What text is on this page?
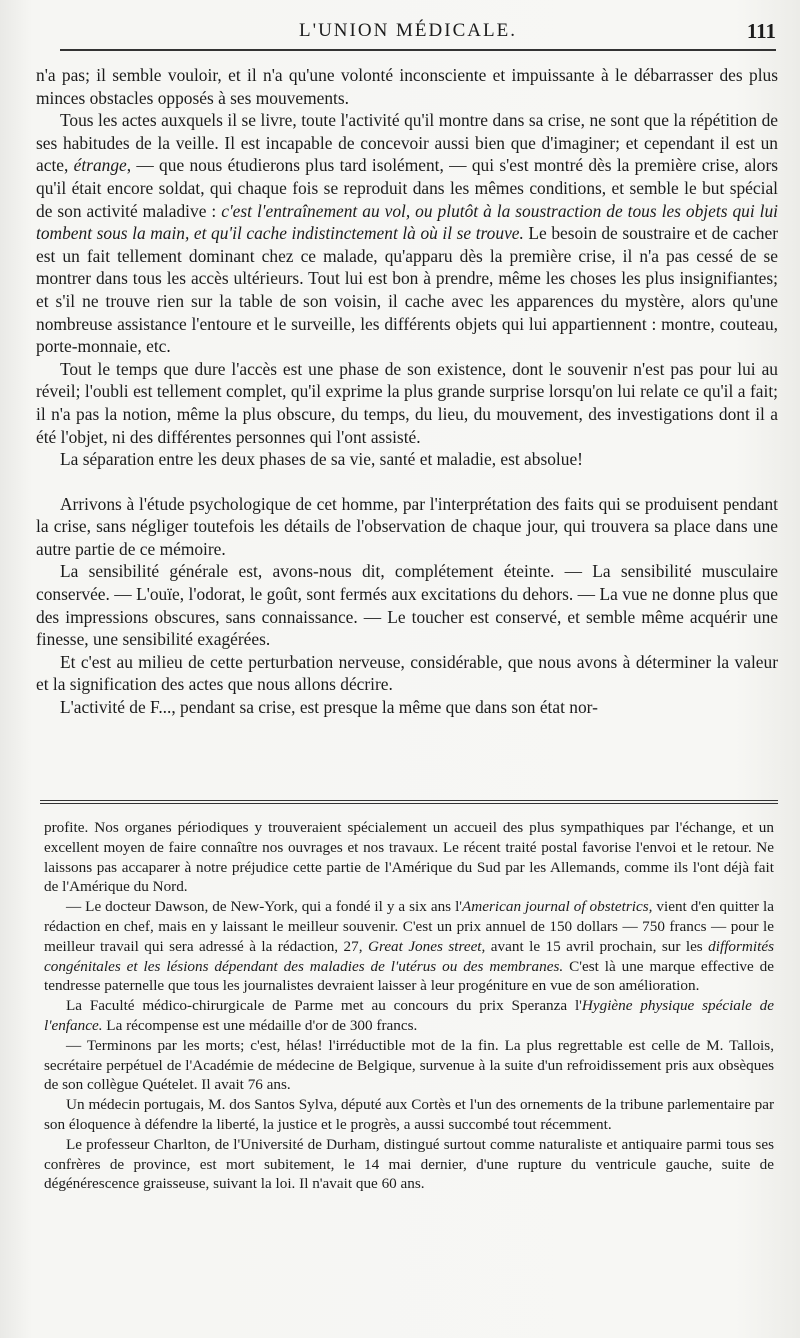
L'UNION MÉDICALE.	111

n'a pas; il semble vouloir, et il n'a qu'une volonté inconsciente et impuissante à le débarrasser des plus minces obstacles opposés à ses mouvements.

Tous les actes auxquels il se livre, toute l'activité qu'il montre dans sa crise, ne sont que la répétition de ses habitudes de la veille. Il est incapable de concevoir aussi bien que d'imaginer; et cependant il est un acte, étrange, — que nous étudierons plus tard isolément, — qui s'est montré dès la première crise, alors qu'il était encore soldat, qui chaque fois se reproduit dans les mêmes conditions, et semble le but spécial de son activité maladive : c'est l'entraînement au vol, ou plutôt à la soustraction de tous les objets qui lui tombent sous la main, et qu'il cache indistinctement là où il se trouve. Le besoin de soustraire et de cacher est un fait tellement dominant chez ce malade, qu'apparu dès la première crise, il n'a pas cessé de se montrer dans tous les accès ultérieurs. Tout lui est bon à prendre, même les choses les plus insignifiantes; et s'il ne trouve rien sur la table de son voisin, il cache avec les apparences du mystère, alors qu'une nombreuse assistance l'entoure et le surveille, les différents objets qui lui appartiennent : montre, couteau, porte-monnaie, etc.

Tout le temps que dure l'accès est une phase de son existence, dont le souvenir n'est pas pour lui au réveil; l'oubli est tellement complet, qu'il exprime la plus grande surprise lorsqu'on lui relate ce qu'il a fait; il n'a pas la notion, même la plus obscure, du temps, du lieu, du mouvement, des investigations dont il a été l'objet, ni des différentes personnes qui l'ont assisté.

La séparation entre les deux phases de sa vie, santé et maladie, est absolue!

Arrivons à l'étude psychologique de cet homme, par l'interprétation des faits qui se produisent pendant la crise, sans négliger toutefois les détails de l'observation de chaque jour, qui trouvera sa place dans une autre partie de ce mémoire.

La sensibilité générale est, avons-nous dit, complétement éteinte. — La sensibilité musculaire conservée. — L'ouïe, l'odorat, le goût, sont fermés aux excitations du dehors. — La vue ne donne plus que des impressions obscures, sans connaissance. — Le toucher est conservé, et semble même acquérir une finesse, une sensibilité exagérées.

Et c'est au milieu de cette perturbation nerveuse, considérable, que nous avons à déterminer la valeur et la signification des actes que nous allons décrire.

L'activité de F..., pendant sa crise, est presque la même que dans son état nor-

profite. Nos organes périodiques y trouveraient spécialement un accueil des plus sympathiques par l'échange, et un excellent moyen de faire connaître nos ouvrages et nos travaux. Le récent traité postal favorise l'envoi et le retour. Ne laissons pas accaparer à notre préjudice cette partie de l'Amérique du Sud par les Allemands, comme ils l'ont déjà fait de l'Amérique du Nord.

— Le docteur Dawson, de New-York, qui a fondé il y a six ans l'American journal of obstetrics, vient d'en quitter la rédaction en chef, mais en y laissant le meilleur souvenir. C'est un prix annuel de 150 dollars — 750 francs — pour le meilleur travail qui sera adressé à la rédaction, 27, Great Jones street, avant le 15 avril prochain, sur les difformités congénitales et les lésions dépendant des maladies de l'utérus ou des membranes. C'est là une marque effective de tendresse paternelle que tous les journalistes devraient laisser à leur progéniture en vue de son amélioration.

La Faculté médico-chirurgicale de Parme met au concours du prix Speranza l'Hygiène physique spéciale de l'enfance. La récompense est une médaille d'or de 300 francs.

— Terminons par les morts; c'est, hélas! l'irréductible mot de la fin. La plus regrettable est celle de M. Tallois, secrétaire perpétuel de l'Académie de médecine de Belgique, survenue à la suite d'un refroidissement pris aux obsèques de son collègue Quételet. Il avait 76 ans.

Un médecin portugais, M. dos Santos Sylva, député aux Cortès et l'un des ornements de la tribune parlementaire par son éloquence à défendre la liberté, la justice et le progrès, a aussi succombé tout récemment.

Le professeur Charlton, de l'Université de Durham, distingué surtout comme naturaliste et antiquaire parmi tous ses confrères de province, est mort subitement, le 14 mai dernier, d'une rupture du ventricule gauche, suite de dégénérescence graisseuse, suivant la loi. Il n'avait que 60 ans.
